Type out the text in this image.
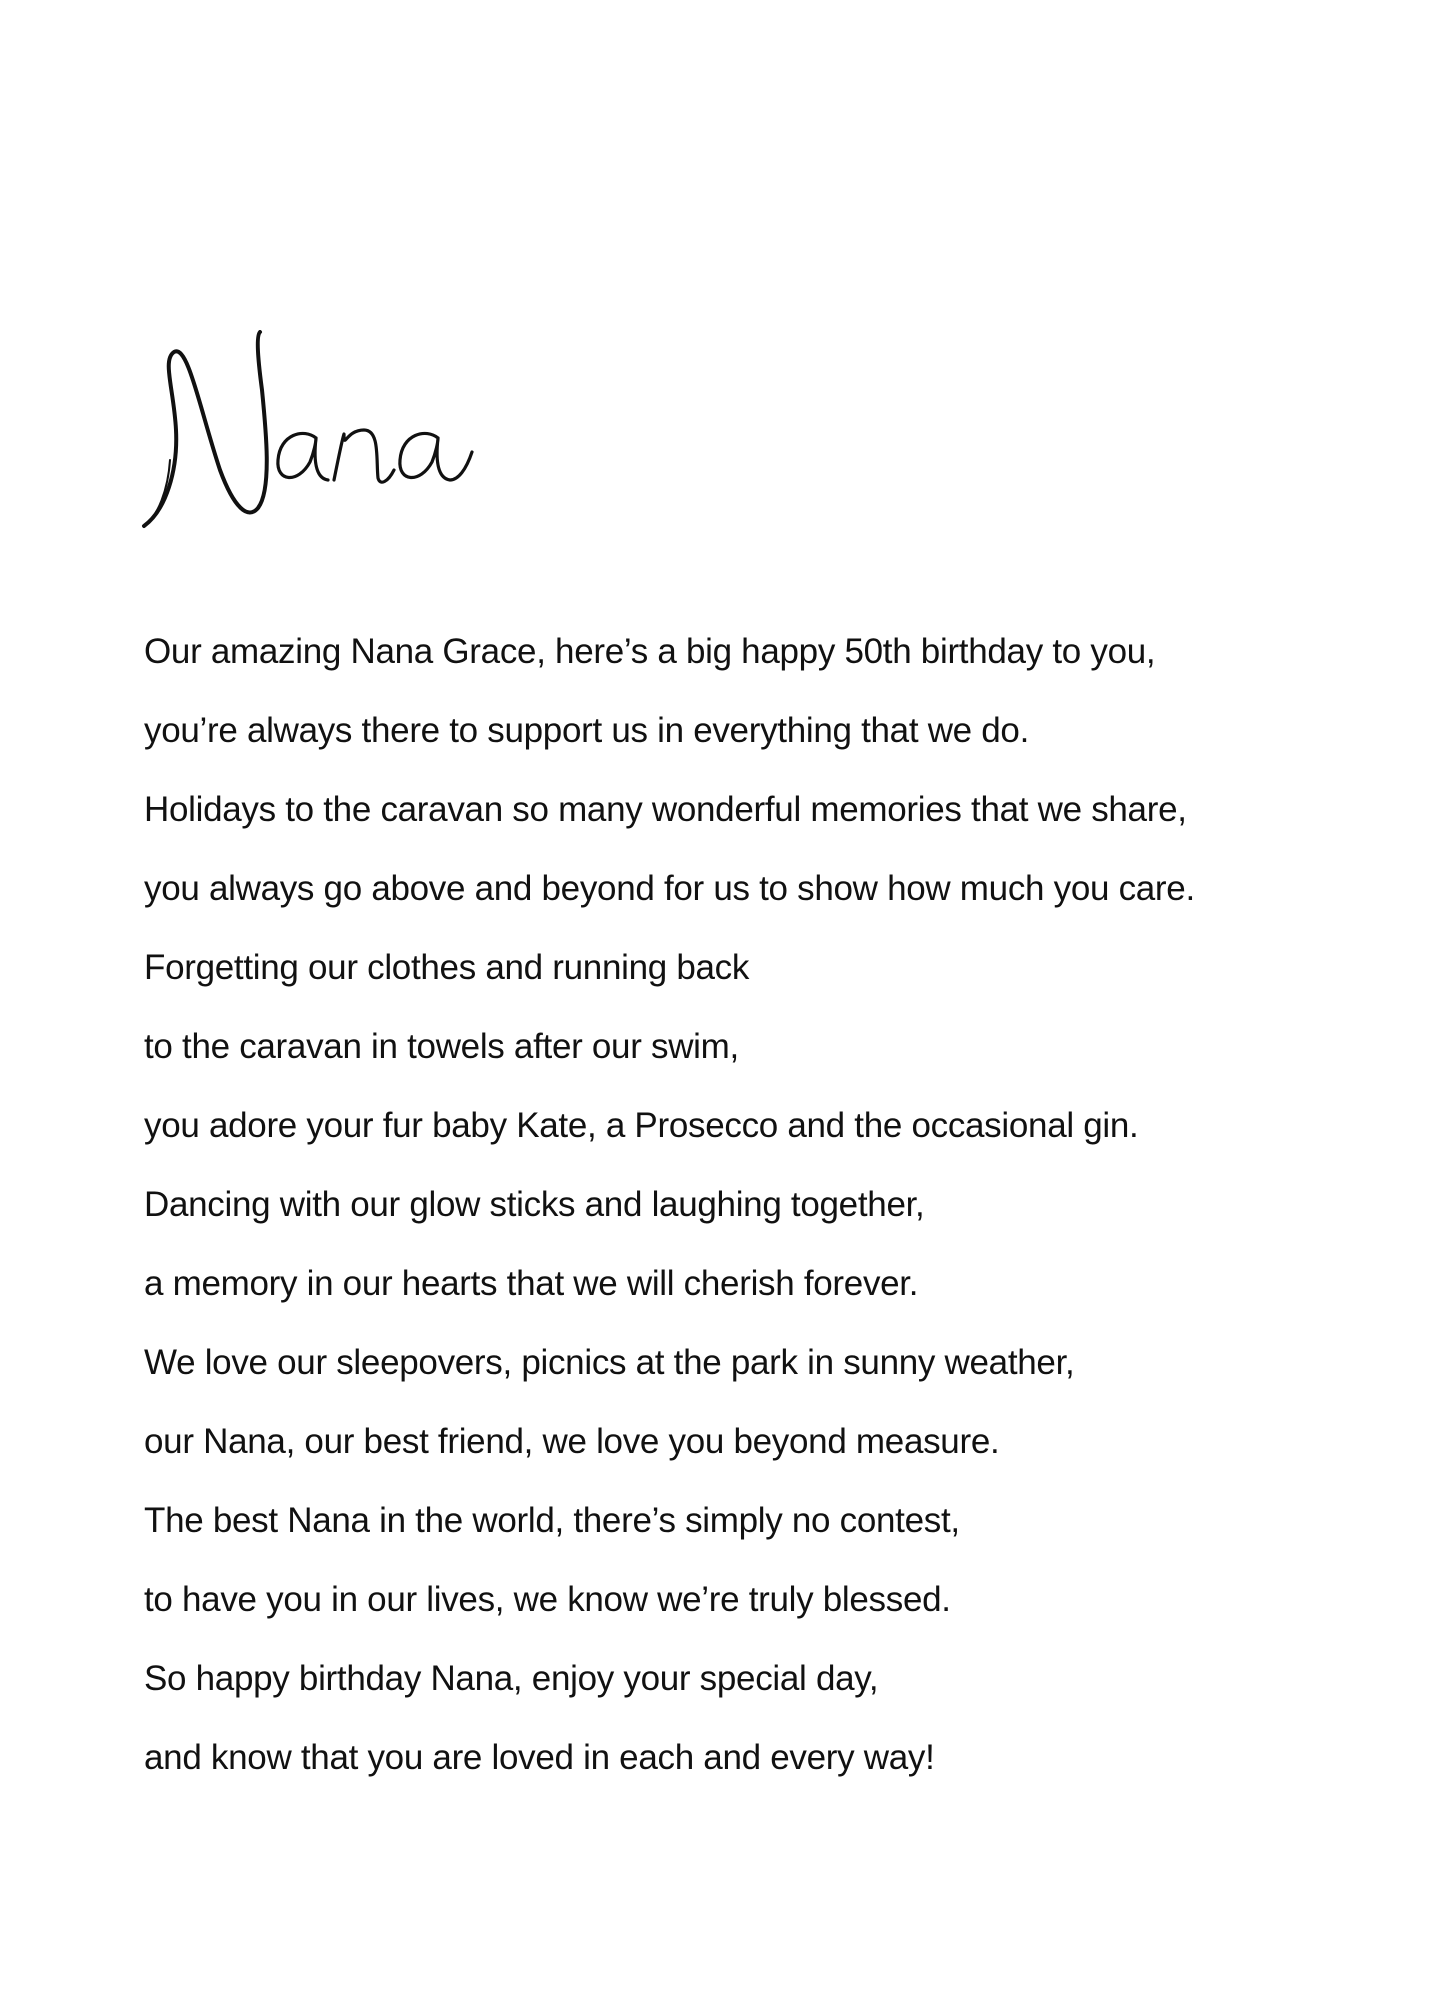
Our amazing Nana Grace, here’s a big happy 50th birthday to you,
you’re always there to support us in everything that we do.
Holidays to the caravan so many wonderful memories that we share,
you always go above and beyond for us to show how much you care.
Forgetting our clothes and running back
to the caravan in towels after our swim,
you adore your fur baby Kate, a Prosecco and the occasional gin.
Dancing with our glow sticks and laughing together,
a memory in our hearts that we will cherish forever.
We love our sleepovers, picnics at the park in sunny weather,
our Nana, our best friend, we love you beyond measure.
The best Nana in the world, there’s simply no contest,
to have you in our lives, we know we’re truly blessed.
So happy birthday Nana, enjoy your special day,
and know that you are loved in each and every way!
